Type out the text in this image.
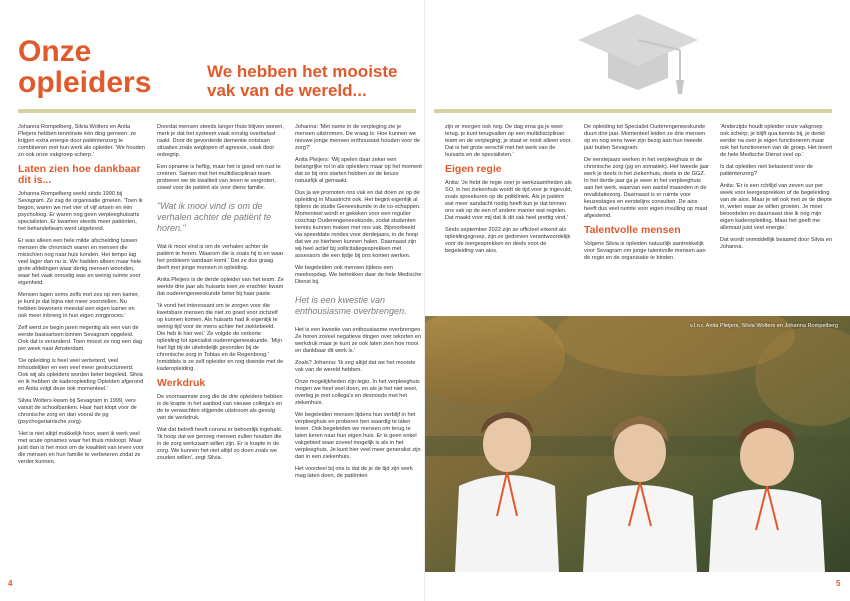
Onze opleiders	We hebben het mooiste vak van de wereld...

Johanna Rompelberg, Silvia Wolters en Anita Pleijers hebben tenminste één ding gemeen: ze krijgen extra energie door patiëntenzorg te combineren met hun werk als opleider. 'We houden zo ook onze vakgroep scherp.'

Laten zien hoe dankbaar dit is...

Johanna Rompelberg werkt sinds 1990 bij Sevagram. Ze zag de organisatie groeien. 'Toen ik begon, waren we met vier of vijf artsen en één psycholoog. Er waren nog geen verpleeghuisarts specialisten. Er kwamen steeds meer patiënten, het behandelteam werd uitgebreid.

Er was alleen een hele milde afscheiding tussen mensen die chronisch waren en mensen die misschien nog naar huis konden. Het tempo lag veel lager dan nu is. We hadden alleen maar hele grote afdelingen waar dertig mensen woonden, waar het vaak onrustig was en weinig ruimte voor eigenheid.

Mensen lagen soms zelfs met zes op een kamer, je kunt je dat bijna niet meer voorstellen. Nu hebben bewoners meestal een eigen kamer en ook meer inbreng in hun eigen zorgproces.'

Zelf werd ze begin jaren negentig als een van de eerste basisartsen binnen Sevagram opgeleid. Ook dat is veranderd. Toen moest ze nog een dag per week naar Amsterdam.

'De opleiding is heel veel verbeterd, veel inhoudelijker en een veel meer gestructureerd. Ook wij als opleiders worden beter begeleid. Silvia en ik hebben de kaderopleiding Opleiden afgerond en Anita volgt deze ook momenteel.'

Silvia Wolters kwam bij Sevagram in 1999, vers vanuit de schoolbanken. Haar hart klopt voor de chronische zorg en dan vooral de pg (psychogeriatrische zorg).

'Het is niet altijd makkelijk hoor, want ik werk veel met acute opnames waar het thuis misloopt. Maar juist dan is het mooi om de kwaliteit van leven voor die mensen en hun familie te verbeteren zodat ze verder kunnen.

Doordat mensen steeds langer thuis blijven wonen, merk je dat het systeem vaak ernstig overbelast raakt. Door de gevorderde dementie ontstaan situaties zoals weglopen of agressie, vaak door onbegrip.

Een opname is heftig, maar het is goed om rust te creëren. Samen met het multidisciplinair team proberen we de kwaliteit van leven te vergroten, zowel voor de patiënt als voor diens familie.

"Wat ik mooi vind is om de verhalen achter de patiënt te horen."

Wat ik mooi vind is om de verhalen achter de patiënt te horen. Waarom die is zoals hij is en waar het probleem vandaan komt.' Dat ze dus graag deelt met jonge mensen in opleiding.

Anita Pleijers is de derde opleider van het team. Ze werkte drie jaar als huisarts toen ze erachter kwam dat ouderengeneeskunde beter bij haar paste.

'Ik vond het interessant om te zorgen voor die kwetsbare mensen die niet zo goed voor zichzelf op kunnen komen. Als huisarts had ik eigenlijk te weinig tijd voor de mens achter het ziektebeeld. Die heb ik hier wel.' Ze volgde de verkorte opleiding tot specialist ouderengeneeskunde. 'Mijn hart ligt bij de uiteindelijk gevonden bij de chronische zorg in Tobias en de Regenboog.' Inmiddels is ze zelf opleider en nog doende met de kaderopleiding.

Werkdruk

De voornaamste zorg die de drie opleiders hebben is de krapte in het aanbod van nieuwe collega's en de te verwachten stijgende uitstroom als gevolg van de werkdruk.

Wat dat betreft heeft corona er behoorlijk ingehakt. 'Ik hoop dat we genoeg mensen zullen houden die in de zorg werkzaam willen zijn. Er is krapte in de zorg. We kunnen het niet altijd zo doen zoals we zouden willen', zegt Silvia.

Johanna: 'Met name in de verpleging zie je mensen uitstromen. De vraag is: Hoe kunnen we nieuwe jonge mensen enthousiast houden voor de zorg?'

Anita Pleijers: 'Wij spelen daar zeker een belangrijke rol in als opleiders maar op het moment dat ze bij ons starten hebben ze de keuze natuurlijk al gemaakt.

Dus ja we promoten ons vak en dat doen ze op de opleiding in Maastricht ook. Het begint eigenlijk al tijdens de studie Geneeskunde in de co-schappen. Momenteel wordt er gekeken voor een regulier coschap Ouderengeneeskunde, zodat studenten kennis kunnen maken met ons vak. Bijvoorbeeld via speeddate rondes voor derdejaars, in de hoop dat we ze hierheen kunnen halen. Daarnaast zijn wij heel actief bij sollicitatiegesprekken met assessors die een tijdje bij ons komen werken.

We begeleiden ook mensen tijdens een meeloopdag. We betrekken daar de hele Medische Dienst bij.

Het is een kwestie van enthousiasme overbrengen.

Het is een kwestie van enthousiasme overbrengen. Ze horen zoveel negatieve dingen over tekorten en werkdruk maar je kunt ze ook laten zien hoe mooi en dankbaar dit werk is.'

Zoals? Johanna: 'Ik zeg altijd dat we het mooiste vak van de wereld hebben.

Onze mogelijkheden zijn legio. In het verpleeghuis mogen we heel veel doen, en als je het niet weet, overleg je met collega's en desnoods met het ziekenhuis.

We begeleiden mensen tijdens hun verblijf in het verpleeghuis en proberen hen waardig te laten leven. Ook begeleiden we mensen om terug te laten keren naar hun eigen huis. Er is geen enkel vakgebied waar zoveel mogelijk is als in het verpleeghuis. Je kunt hier veel meer generalist zijn dan in een ziekenhuis.

Het voordeel bij ons is dat de je de tijd zijn werk mag laten doen, de patiënten

zijn er morgen ook nog. De dag erna ga je weer terug. je kunt terugvallen op een multidisciplinair team en de verpleging; je staat er nooit alleen voor. Dat is het grote verschil met het werk van de huisarts en de specialisten.'

Eigen regie

Anita: 'Je hebt de regie over je werkzaamheden als SO, in het ziekenhuis wordt de tijd voor je ingevuld, zoals spreekuren op de polikliniek. Als je patiënt wat meer aandacht nodig heeft kun je dat binnen ons vak op de een of andere manier wat regelen. Dat maakt voor mij dat ik dit vak heel prettig vind.'

Sinds september 2022 zijn ze officieel erkend als opleidingsgroep, zijn ze gedreven verantwoordelijk voor de leergesprekken en deels voor de begeleiding van aios.

De opleiding tot Specialist Ouderengeneeskunde duurt drie jaar. Momenteel leiden ze drie mensen op en nog eens twee zijn bezig aan hun tweede jaar buiten Sevagram.

De eerstejaars werken in het verpleeghuis in de chronische zorg (pg en somatiek). Het tweede jaar werk je deels in het ziekenhuis, deels in de GGZ. In het derde jaar ga je weer in het verpleeghuis aan het werk, waarvan een aantal maanden in de revalidatiezorg. Daarnaast is er ruimte voor keuzestages en eerstelijns consulten. De aios heeft dus veel ruimte voor eigen invulling op maat afgestemd.

Talentvolle mensen

Volgens Silvia is opleiden natuurlijk aantrekkelijk voor Sevagram om jonge talentvolle mensen aan de regio en de organisatie te binden.

'Anderzijds houdt opleider onze vakgroep ook scherp; je blijft qua kennis bij, je denkt eerder na over je eigen functioneren maar ook het functioneren van de groep. Het levert de hele Medische Dienst veel op.'

Is dat opleiden niet belastend voor de patiëntenzorg?

Anita: 'Er is een rchtlijd van zeven uur per week voor leergesprekken of de begeleiding van de aios. Maar je wil ook met ze de diepte in, weten waar ze willen groeien. Je moet beoordelen en daarnaast doe ik nog mijn eigen kaderopleiding. Maar het geeft me allemaal juist veel energie.'

Dat wordt onmiddellijk beaamd door Silvia en Johanna.

v.l.n.r. Anita Pleijers, Silvia Wolters en Johanna Rompelberg
4	5
